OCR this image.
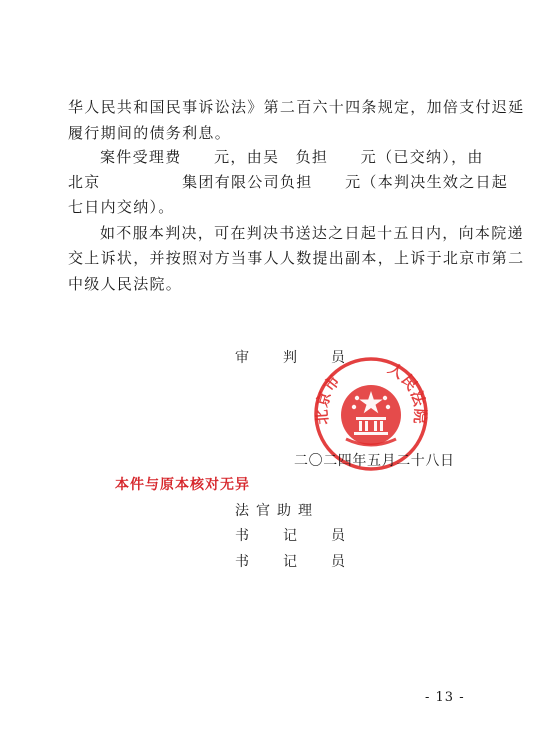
华人民共和国民事诉讼法》第二百六十四条规定，加倍支付迟延
履行期间的债务利息。
案件受理费　　元，由吴　负担　　元（已交纳），由
北京　　　　　集团有限公司负担　　元（本判决生效之日起
七日内交纳）。
如不服本判决，可在判决书送达之日起十五日内，向本院递
交上诉状，并按照对方当事人人数提出副本，上诉于北京市第二
中级人民法院。
北京市　　　人民法院
审　判　员
二〇二四年五月二十八日
本件与原本核对无异
法官助理
书　记　员
书　记　员
- 13 -
